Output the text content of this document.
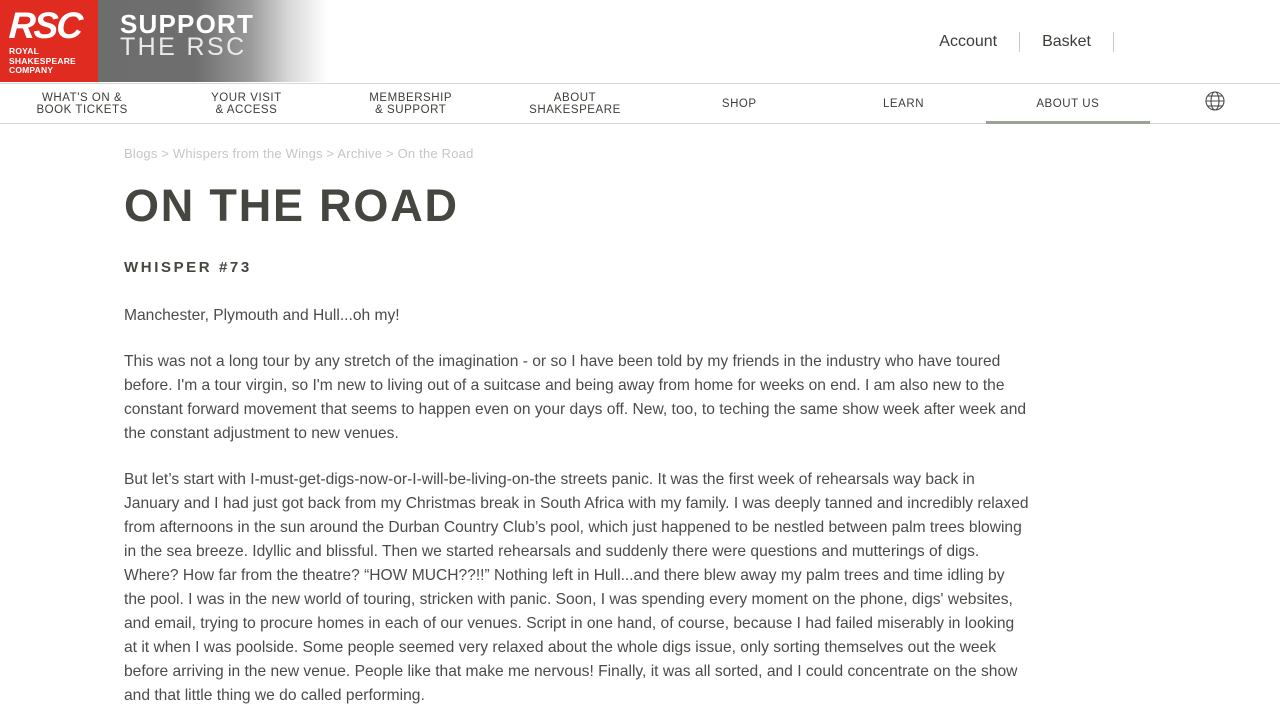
RSC
ROYAL
SHAKESPEARE
COMPANY
SUPPORT
THE RSC	Account	Basket
WHAT'S ON &
BOOK TICKETS
YOUR VISIT
& ACCESS
MEMBERSHIP
& SUPPORT
ABOUT
SHAKESPEARE	SHOP	LEARN	ABOUT US
Blogs > Whispers from the Wings > Archive > On the Road
ON THE ROAD
WHISPER #73

Manchester, Plymouth and Hull...oh my!

This was not a long tour by any stretch of the imagination - or so I have been told by my friends in the industry who have toured before. I'm a tour virgin, so I'm new to living out of a suitcase and being away from home for weeks on end. I am also new to the constant forward movement that seems to happen even on your days off. New, too, to teching the same show week after week and the constant adjustment to new venues.

But let’s start with I-must-get-digs-now-or-I-will-be-living-on-the streets panic. It was the first week of rehearsals way back in January and I had just got back from my Christmas break in South Africa with my family. I was deeply tanned and incredibly relaxed from afternoons in the sun around the Durban Country Club’s pool, which just happened to be nestled between palm trees blowing in the sea breeze. Idyllic and blissful. Then we started rehearsals and suddenly there were questions and mutterings of digs. Where? How far from the theatre? “HOW MUCH??!!” Nothing left in Hull...and there blew away my palm trees and time idling by the pool. I was in the new world of touring, stricken with panic. Soon, I was spending every moment on the phone, digs' websites, and email, trying to procure homes in each of our venues. Script in one hand, of course, because I had failed miserably in looking at it when I was poolside. Some people seemed very relaxed about the whole digs issue, only sorting themselves out the week before arriving in the new venue. People like that make me nervous! Finally, it was all sorted, and I could concentrate on the show and that little thing we do called performing.
